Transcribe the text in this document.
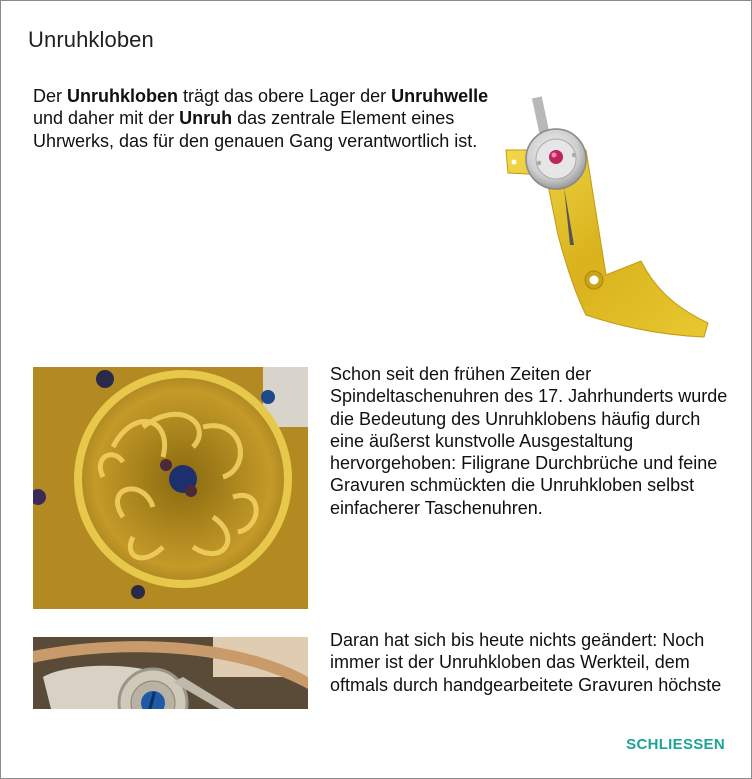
Unruhkloben

Der Unruhkloben trägt das obere Lager der Unruhwelle und daher mit der Unruh das zentrale Element eines Uhrwerks, das für den genauen Gang verantwortlich ist.

Schon seit den frühen Zeiten der Spindeltaschenuhren des 17. Jahrhunderts wurde die Bedeutung des Unruhklobens häufig durch eine äußerst kunstvolle Ausgestaltung hervorgehoben: Filigrane Durchbrüche und feine Gravuren schmückten die Unruhkloben selbst einfacherer Taschenuhren.

Daran hat sich bis heute nichts geändert: Noch immer ist der Unruhkloben das Werkteil, dem oftmals durch handgearbeitete Gravuren höchste

SCHLIESSEN
